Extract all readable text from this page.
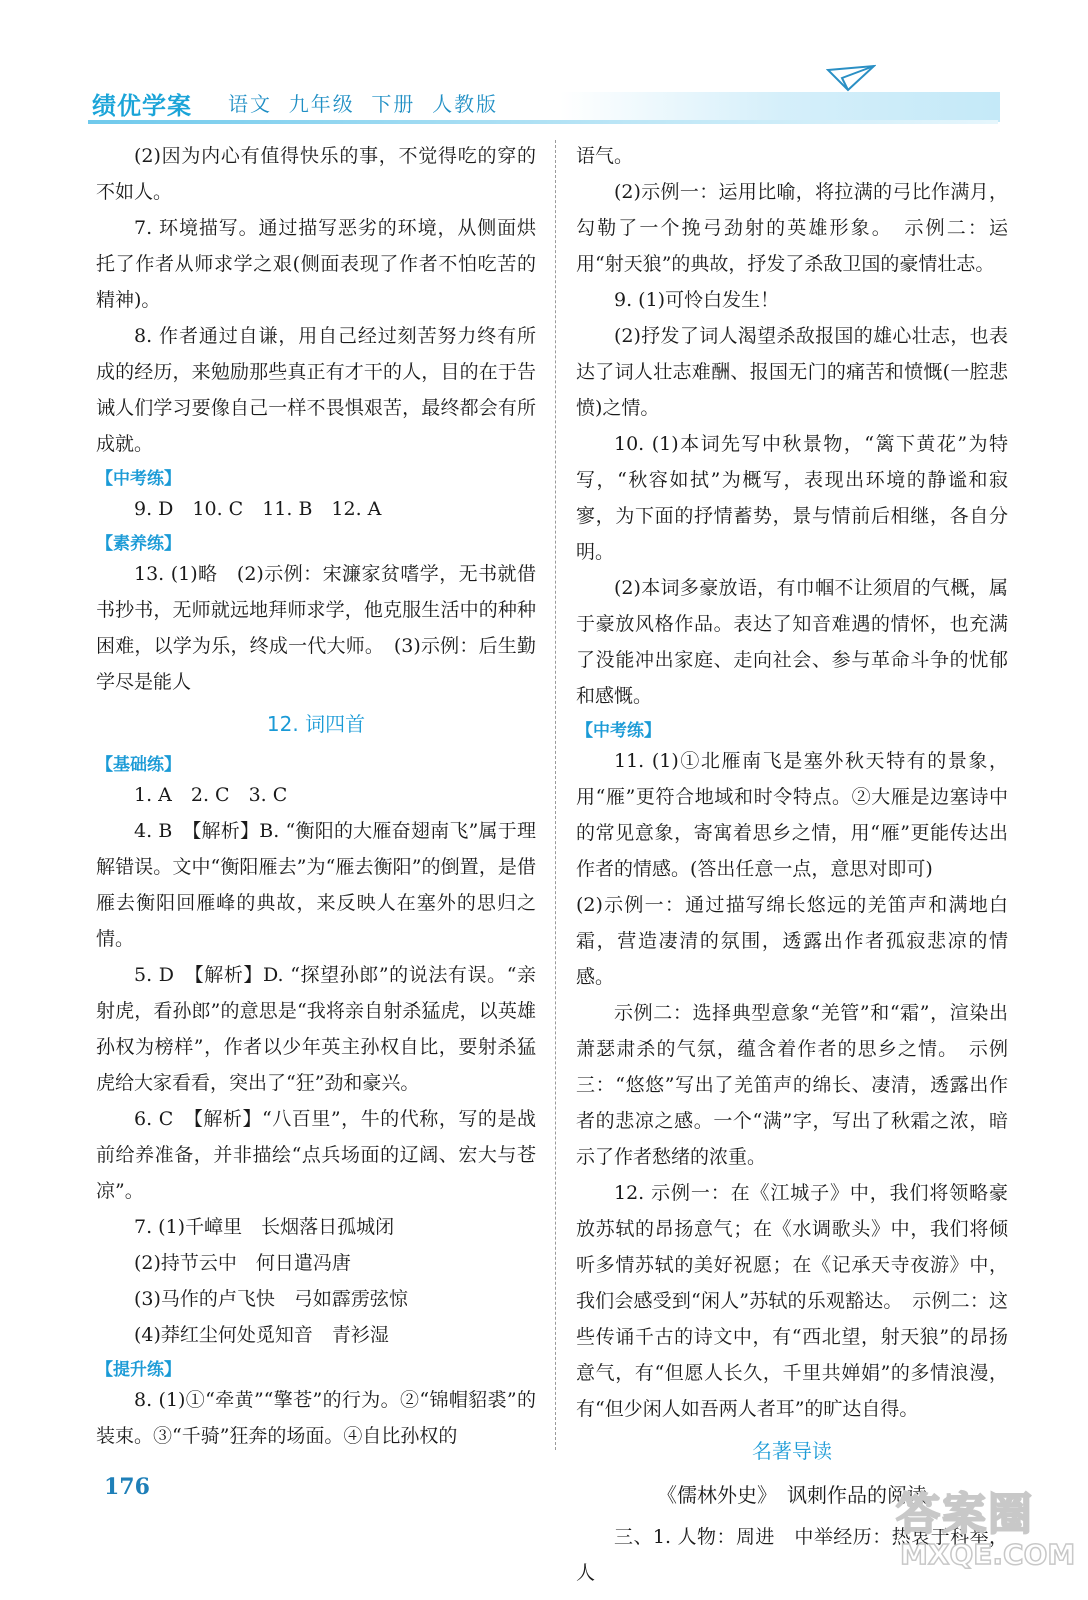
绩优学案 语文  九年级  下册  人教版

(2)因为内心有值得快乐的事，不觉得吃的穿的不如人。

7. 环境描写。通过描写恶劣的环境，从侧面烘托了作者从师求学之艰(侧面表现了作者不怕吃苦的精神)。

8. 作者通过自谦，用自己经过刻苦努力终有所成的经历，来勉励那些真正有才干的人，目的在于告诫人们学习要像自己一样不畏惧艰苦，最终都会有所成就。

【中考练】

9. D　10. C　11. B　12. A

【素养练】

13. (1)略　(2)示例：宋濂家贫嗜学，无书就借书抄书，无师就远地拜师求学，他克服生活中的种种困难，以学为乐，终成一代大师。　(3)示例：后生勤学尽是能人

12. 词四首
【基础练】

1. A　2. C　3. C

4. B　【解析】B. “衡阳的大雁奋翅南飞”属于理解错误。文中“衡阳雁去”为“雁去衡阳”的倒置，是借雁去衡阳回雁峰的典故，来反映人在塞外的思归之情。

5. D　【解析】D. “探望孙郎”的说法有误。“亲射虎，看孙郎”的意思是“我将亲自射杀猛虎，以英雄孙权为榜样”，作者以少年英主孙权自比，要射杀猛虎给大家看看，突出了“狂”劲和豪兴。

6. C　【解析】“八百里”，牛的代称，写的是战前给养准备，并非描绘“点兵场面的辽阔、宏大与苍凉”。

7. (1)千嶂里　长烟落日孤城闭

(2)持节云中　何日遣冯唐

(3)马作的卢飞快　弓如霹雳弦惊

(4)莽红尘何处觅知音　青衫湿

【提升练】

8. (1)①“牵黄”“擎苍”的行为。②“锦帽貂裘”的装束。③“千骑”狂奔的场面。④自比孙权的

语气。

(2)示例一：运用比喻，将拉满的弓比作满月，勾勒了一个挽弓劲射的英雄形象。　示例二：运用“射天狼”的典故，抒发了杀敌卫国的豪情壮志。

9. (1)可怜白发生！

(2)抒发了词人渴望杀敌报国的雄心壮志，也表达了词人壮志难酬、报国无门的痛苦和愤慨(一腔悲愤)之情。

10. (1)本词先写中秋景物，“篱下黄花”为特写，“秋容如拭”为概写，表现出环境的静谧和寂寥，为下面的抒情蓄势，景与情前后相继，各自分明。

(2)本词多豪放语，有巾帼不让须眉的气概，属于豪放风格作品。表达了知音难遇的情怀，也充满了没能冲出家庭、走向社会、参与革命斗争的忧郁和感慨。

【中考练】

11. (1)①北雁南飞是塞外秋天特有的景象，用“雁”更符合地域和时令特点。②大雁是边塞诗中的常见意象，寄寓着思乡之情，用“雁”更能传达出作者的情感。(答出任意一点，意思对即可)

(2)示例一：通过描写绵长悠远的羌笛声和满地白霜，营造凄清的氛围，透露出作者孤寂悲凉的情感。

示例二：选择典型意象“羌管”和“霜”，渲染出萧瑟肃杀的气氛，蕴含着作者的思乡之情。　示例三：“悠悠”写出了羌笛声的绵长、凄清，透露出作者的悲凉之感。一个“满”字，写出了秋霜之浓，暗示了作者愁绪的浓重。

12. 示例一：在《江城子》中，我们将领略豪放苏轼的昂扬意气；在《水调歌头》中，我们将倾听多情苏轼的美好祝愿；在《记承天寺夜游》中，我们会感受到“闲人”苏轼的乐观豁达。　示例二：这些传诵千古的诗文中，有“西北望，射天狼”的昂扬意气，有“但愿人长久，千里共婵娟”的多情浪漫，有“但少闲人如吾两人者耳”的旷达自得。

名著导读
《儒林外史》　讽刺作品的阅读

三、1. 人物：周进　中举经历：热衷于科举，人

176
答案圈
MXQE.COM
